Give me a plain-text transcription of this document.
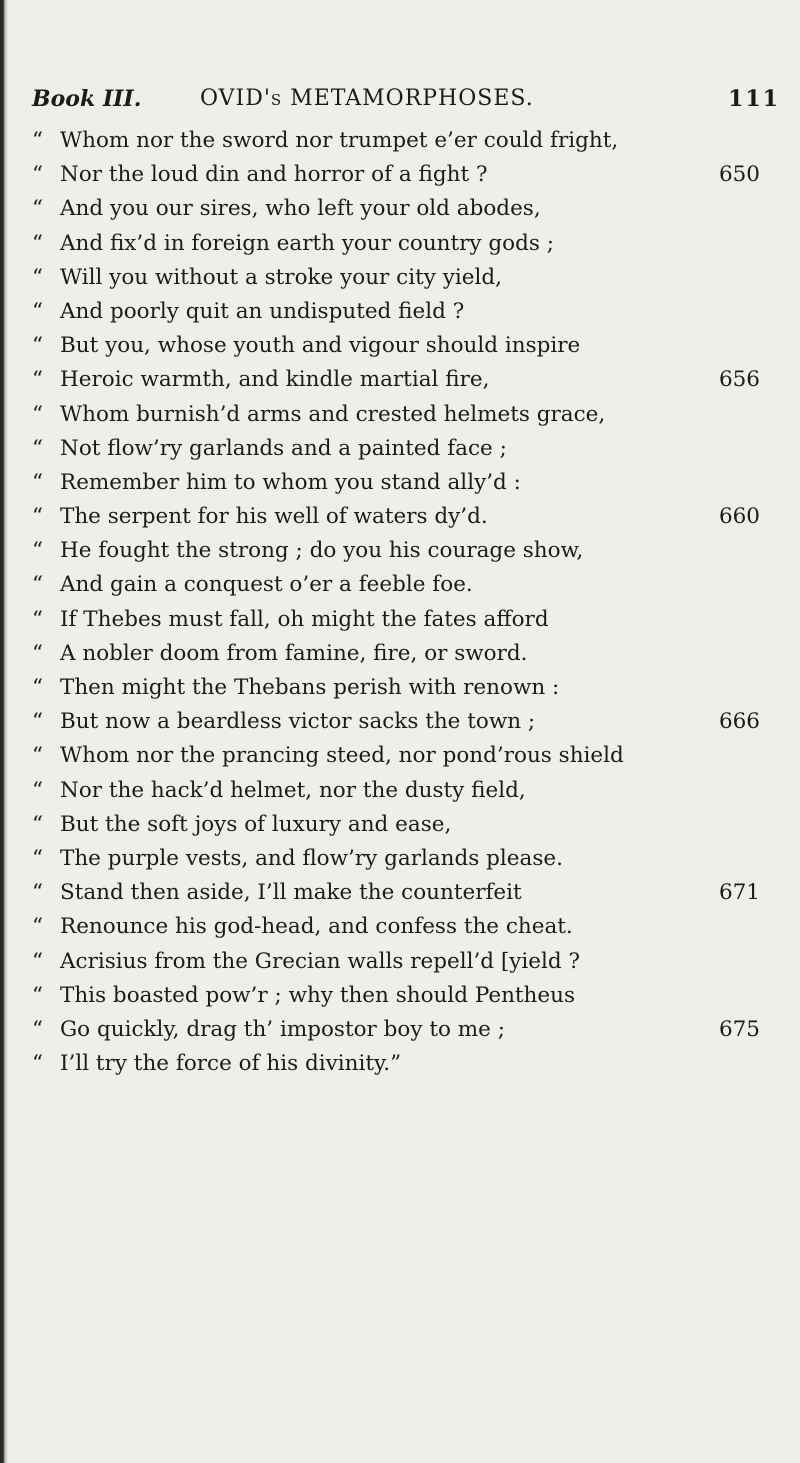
Book III.	OVID's METAMORPHOSES.	111
“ Whom nor the sword nor trumpet e’er could fright,
“ Nor the loud din and horror of a fight ?	650
“ And you our sires, who left your old abodes,
“ And fix’d in foreign earth your country gods ;
“ Will you without a stroke your city yield,
“ And poorly quit an undisputed field ?
“ But you, whose youth and vigour should inspire
“ Heroic warmth, and kindle martial fire,	656
“ Whom burnish’d arms and crested helmets grace,
“ Not flow’ry garlands and a painted face ;
“ Remember him to whom you stand ally’d :
“ The serpent for his well of waters dy’d.	660
“ He fought the strong ; do you his courage show,
“ And gain a conquest o’er a feeble foe.
“ If Thebes must fall, oh might the fates afford
“ A nobler doom from famine, fire, or sword.
“ Then might the Thebans perish with renown :
“ But now a beardless victor sacks the town ;	666
“ Whom nor the prancing steed, nor pond’rous shield
“ Nor the hack’d helmet, nor the dusty field,
“ But the soft joys of luxury and ease,
“ The purple vests, and flow’ry garlands please.
“ Stand then aside, I’ll make the counterfeit	671
“ Renounce his god-head, and confess the cheat.
“ Acrisius from the Grecian walls repell’d [yield ?
“ This boasted pow’r ; why then should Pentheus
“ Go quickly, drag th’ impostor boy to me ;	675
“ I’ll try the force of his divinity.”
